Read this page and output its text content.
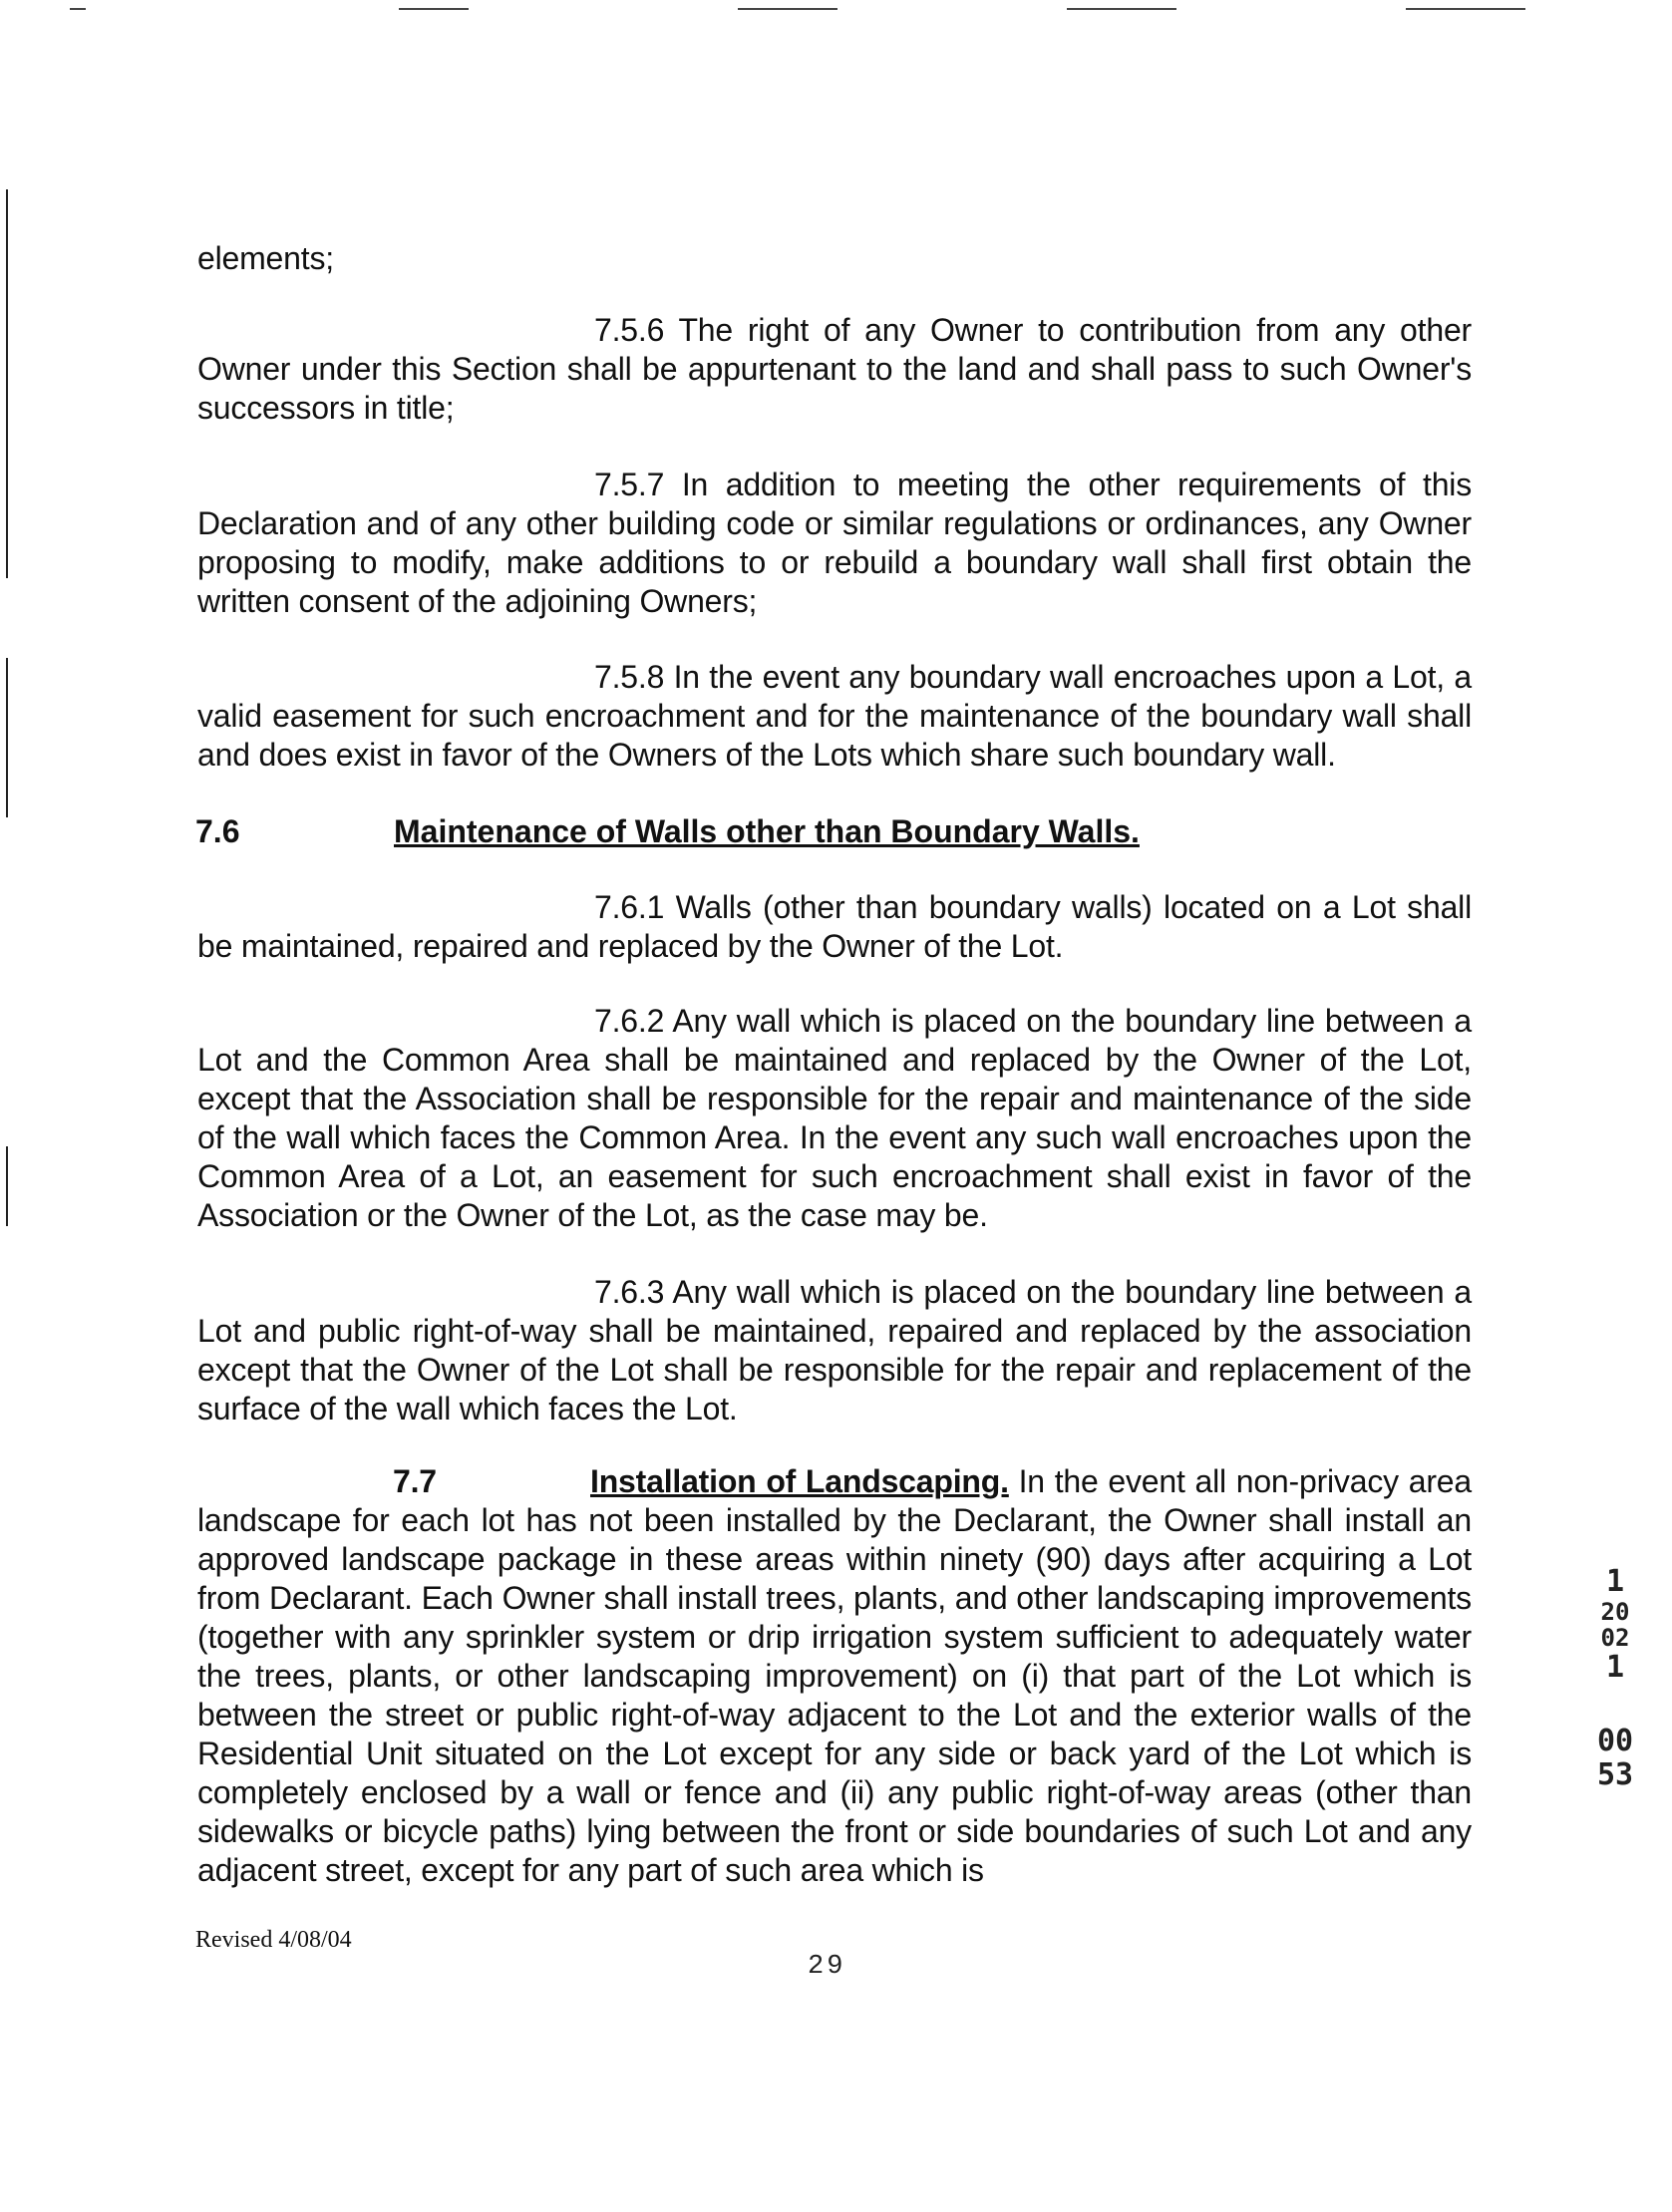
elements;
7.5.6 The right of any Owner to contribution from any other Owner under this Section shall be appurtenant to the land and shall pass to such Owner's successors in title;
7.5.7 In addition to meeting the other requirements of this Declaration and of any other building code or similar regulations or ordinances, any Owner proposing to modify, make additions to or rebuild a boundary wall shall first obtain the written consent of the adjoining Owners;
7.5.8 In the event any boundary wall encroaches upon a Lot, a valid easement for such encroachment and for the maintenance of the boundary wall shall and does exist in favor of the Owners of the Lots which share such boundary wall.
7.6	Maintenance of Walls other than Boundary Walls.
7.6.1 Walls (other than boundary walls) located on a Lot shall be maintained, repaired and replaced by the Owner of the Lot.
7.6.2 Any wall which is placed on the boundary line between a Lot and the Common Area shall be maintained and replaced by the Owner of the Lot, except that the Association shall be responsible for the repair and maintenance of the side of the wall which faces the Common Area. In the event any such wall encroaches upon the Common Area of a Lot, an easement for such encroachment shall exist in favor of the Association or the Owner of the Lot, as the case may be.
7.6.3 Any wall which is placed on the boundary line between a Lot and public right-of-way shall be maintained, repaired and replaced by the association except that the Owner of the Lot shall be responsible for the repair and replacement of the surface of the wall which faces the Lot.
7.7	Installation of Landscaping. In the event all non-privacy area landscape for each lot has not been installed by the Declarant, the Owner shall install an approved landscape package in these areas within ninety (90) days after acquiring a Lot from Declarant. Each Owner shall install trees, plants, and other landscaping improvements (together with any sprinkler system or drip irrigation system sufficient to adequately water the trees, plants, or other landscaping improvement) on (i) that part of the Lot which is between the street or public right-of-way adjacent to the Lot and the exterior walls of the Residential Unit situated on the Lot except for any side or back yard of the Lot which is completely enclosed by a wall or fence and (ii) any public right-of-way areas (other than sidewalks or bicycle paths) lying between the front or side boundaries of such Lot and any adjacent street, except for any part of such area which is
Revised 4/08/04
29
1
2002
1
0053
